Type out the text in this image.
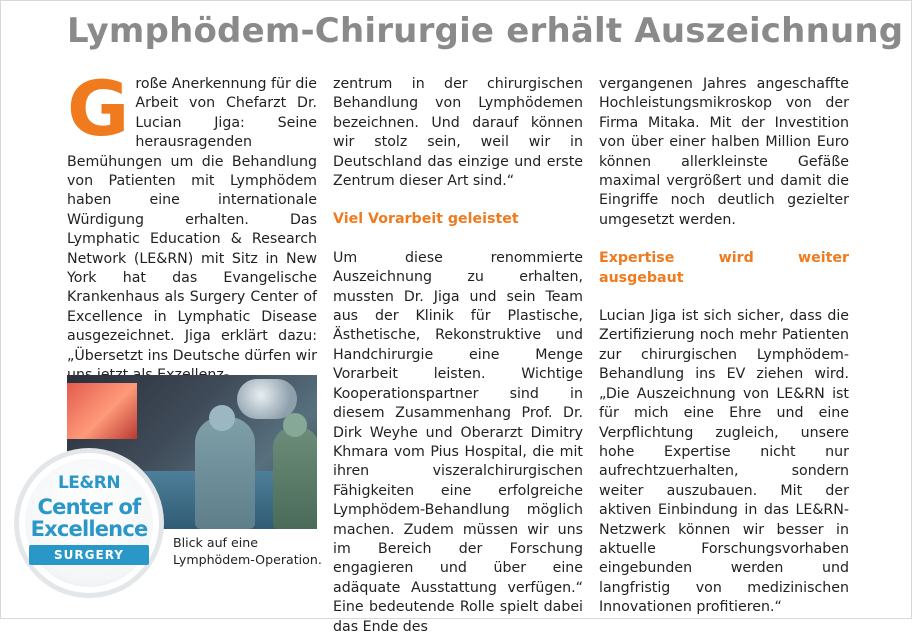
Lymphödem-Chirurgie erhält Auszeichnung

Große Anerkennung für die Arbeit von Chefarzt Dr. Lucian Jiga: Seine herausragenden Bemühungen um die Behandlung von Patienten mit Lymphödem haben eine internationale Würdigung erhalten. Das Lymphatic Education & Research Network (LE&RN) mit Sitz in New York hat das Evangelische Krankenhaus als Surgery Center of Excellence in Lymphatic Disease ausgezeichnet. Jiga erklärt dazu: „Übersetzt ins Deutsche dürfen wir

Blick auf eine Lymphödem-Operation.
LE&RN
Center of
Excellence
SURGERY

zentrum in der chirurgischen Behandlung von Lymphödemen bezeichnen. Und darauf können wir stolz sein, weil wir in Deutschland das einzige und erste Zentrum dieser Art sind.“

Viel Vorarbeit geleistet

Um diese renommierte Auszeichnung zu erhalten, mussten Dr. Jiga und sein Team aus der Klinik für Plastische, Ästhetische, Rekonstruktive und Handchirurgie eine Menge Vorarbeit leisten. Wichtige Kooperationspartner sind in diesem Zusammenhang Prof. Dr. Dirk Weyhe und Oberarzt Dimitry Khmara vom Pius Hospital, die mit ihren viszeralchirurgischen Fähigkeiten eine erfolgreiche Lymphödem-Behandlung möglich machen. Zudem müssen wir uns im Bereich der Forschung engagieren und über eine adäquate Ausstattung verfügen.“ Eine bedeutende Rolle spielt dabei das Ende des

vergangenen Jahres angeschaffte Hochleistungsmikroskop von der Firma Mitaka. Mit der Investition von über einer halben Million Euro können allerkleinste Gefäße maximal vergrößert und damit die Eingriffe noch deutlich gezielter umgesetzt werden.

Expertise wird weiter ausgebaut

Lucian Jiga ist sich sicher, dass die Zertifizierung noch mehr Patienten zur chirurgischen Lymphödem-Behandlung ins EV ziehen wird. „Die Auszeichnung von LE&RN ist für mich eine Ehre und eine Verpflichtung zugleich, unsere hohe Expertise nicht nur aufrechtzuerhalten, sondern weiter auszubauen. Mit der aktiven Einbindung in das LE&RN-Netzwerk können wir besser in aktuelle Forschungsvorhaben eingebunden werden und langfristig von medizinischen Innovationen profitieren.“
